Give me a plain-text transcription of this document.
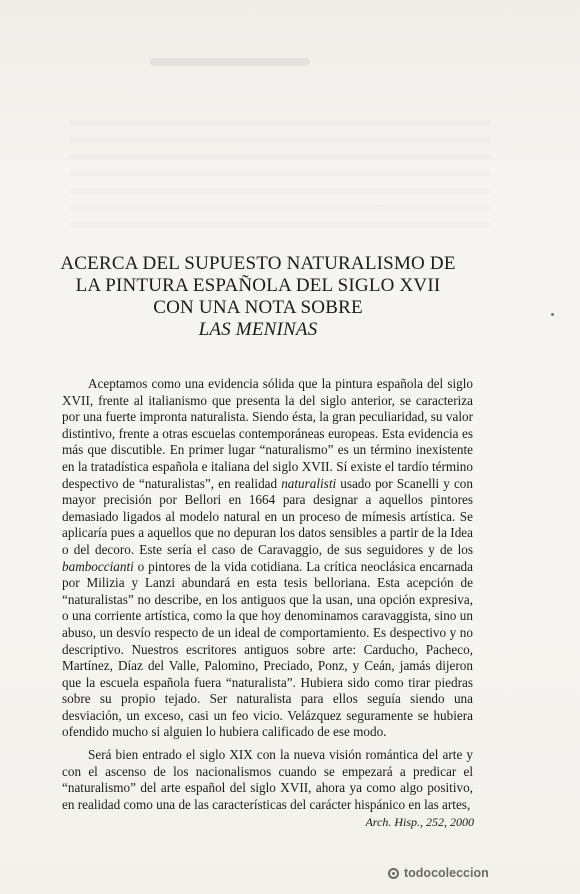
ACERCA DEL SUPUESTO NATURALISMO DE
LA PINTURA ESPAÑOLA DEL SIGLO XVII
CON UNA NOTA SOBRE
LAS MENINAS

Aceptamos como una evidencia sólida que la pintura española del siglo XVII, frente al italianismo que presenta la del siglo anterior, se caracteriza por una fuerte impronta naturalista. Siendo ésta, la gran peculiaridad, su valor distintivo, frente a otras escuelas contemporáneas europeas. Esta evidencia es más que discutible. En primer lugar “naturalismo” es un término inexistente en la tratadística española e italiana del siglo XVII. Sí existe el tardío término despectivo de “naturalistas”, en realidad naturalisti usado por Scanelli y con mayor precisión por Bellori en 1664 para designar a aquellos pintores demasiado ligados al modelo natural en un proceso de mímesis artística. Se aplicaría pues a aquellos que no depuran los datos sensibles a partir de la Idea o del decoro. Este sería el caso de Caravaggio, de sus seguidores y de los bamboccianti o pintores de la vida cotidiana. La crítica neoclásica encarnada por Milizia y Lanzi abundará en esta tesis belloriana. Esta acepción de “naturalistas” no describe, en los antiguos que la usan, una opción expresiva, o una corriente artística, como la que hoy denominamos caravaggista, sino un abuso, un desvío respecto de un ideal de comportamiento. Es despectivo y no descriptivo. Nuestros escritores antiguos sobre arte: Carducho, Pacheco, Martínez, Díaz del Valle, Palomino, Preciado, Ponz, y Ceán, jamás dijeron que la escuela española fuera “naturalista”. Hubiera sido como tirar piedras sobre su propio tejado. Ser naturalista para ellos seguía siendo una desviación, un exceso, casi un feo vicio. Velázquez seguramente se hubiera ofendido mucho si alguien lo hubiera calificado de ese modo.

Será bien entrado el siglo XIX con la nueva visión romántica del arte y con el ascenso de los nacionalismos cuando se empezará a predicar el “naturalismo” del arte español del siglo XVII, ahora ya como algo positivo, en realidad como una de las características del carácter hispánico en las artes,

Arch. Hisp., 252, 2000
todocoleccion
